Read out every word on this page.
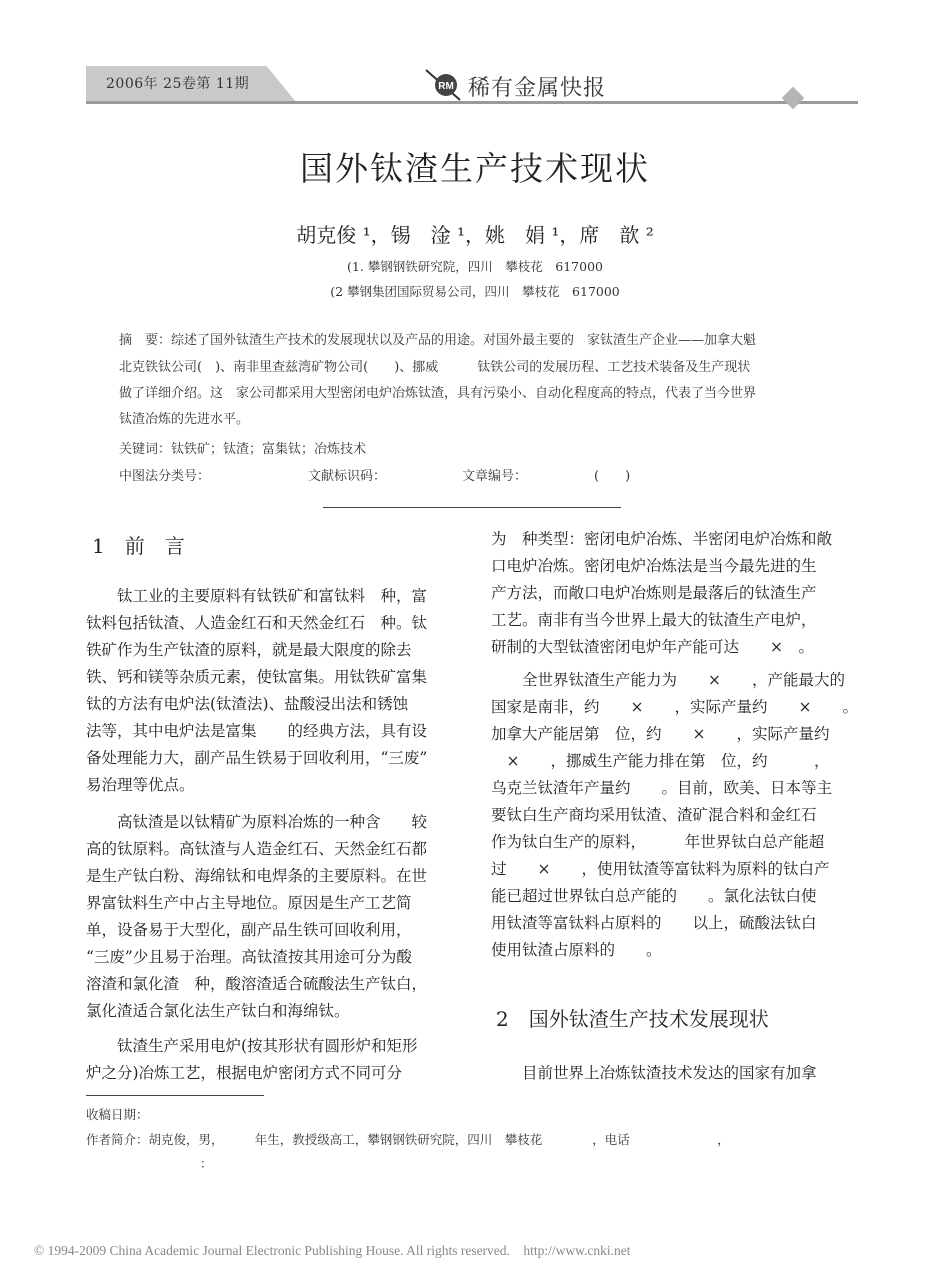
2006年 25卷第 11期	RM 稀有金属快报
国外钛渣生产技术现状
胡克俊 ¹，锡　淦 ¹，姚　娟 ¹，席　歆 ²
(1. 攀钢钢铁研究院，四川　攀枝花　617000
(2 攀钢集团国际贸易公司，四川　攀枝花　617000
摘　要：综述了国外钛渣生产技术的发展现状以及产品的用途。对国外最主要的　家钛渣生产企业——加拿大魁
北克铁钛公司(　)、南非里查兹湾矿物公司(　　)、挪威　　　钛铁公司的发展历程、工艺技术装备及生产现状
做了详细介绍。这　家公司都采用大型密闭电炉冶炼钛渣，具有污染小、自动化程度高的特点，代表了当今世界
钛渣冶炼的先进水平。
关键词：钛铁矿；钛渣；富集钛；冶炼技术
中图法分类号：	文献标识码：	文章编号：	(　　)
1　前　言
　　钛工业的主要原料有钛铁矿和富钛料　种，富
钛料包括钛渣、人造金红石和天然金红石　种。钛
铁矿作为生产钛渣的原料，就是最大限度的除去
铁、钙和镁等杂质元素，使钛富集。用钛铁矿富集
钛的方法有电炉法(钛渣法)、盐酸浸出法和锈蚀
法等，其中电炉法是富集　　的经典方法，具有设
备处理能力大，副产品生铁易于回收利用，“三废”
易治理等优点。
　　高钛渣是以钛精矿为原料冶炼的一种含　　较
高的钛原料。高钛渣与人造金红石、天然金红石都
是生产钛白粉、海绵钛和电焊条的主要原料。在世
界富钛料生产中占主导地位。原因是生产工艺简
单，设备易于大型化，副产品生铁可回收利用，
“三废”少且易于治理。高钛渣按其用途可分为酸
溶渣和氯化渣　种，酸溶渣适合硫酸法生产钛白，
氯化渣适合氯化法生产钛白和海绵钛。
　　钛渣生产采用电炉(按其形状有圆形炉和矩形
炉之分)冶炼工艺，根据电炉密闭方式不同可分
为　种类型：密闭电炉冶炼、半密闭电炉冶炼和敞
口电炉冶炼。密闭电炉冶炼法是当今最先进的生
产方法，而敞口电炉冶炼则是最落后的钛渣生产
工艺。南非有当今世界上最大的钛渣生产电炉，
研制的大型钛渣密闭电炉年产能可达　　×　。
　　全世界钛渣生产能力为　　×　　，产能最大的
国家是南非，约　　×　　，实际产量约　　×　　。
加拿大产能居第　位，约　　×　　，实际产量约
　×　　，挪威生产能力排在第　位，约　　　，
乌克兰钛渣年产量约　　。目前，欧美、日本等主
要钛白生产商均采用钛渣、渣矿混合料和金红石
作为钛白生产的原料，　　　年世界钛白总产能超
过　　×　　，使用钛渣等富钛料为原料的钛白产
能已超过世界钛白总产能的　　。氯化法钛白使
用钛渣等富钛料占原料的　　以上，硫酸法钛白
使用钛渣占原料的　　。
2　国外钛渣生产技术发展现状
　　目前世界上冶炼钛渣技术发达的国家有加拿
收稿日期：
作者简介：胡克俊，男，　　　年生，教授级高工，攀钢钢铁研究院，四川　攀枝花　　　　，电话　　　　　　　，
：
© 1994-2009 China Academic Journal Electronic Publishing House. All rights reserved.　http://www.cnki.net
